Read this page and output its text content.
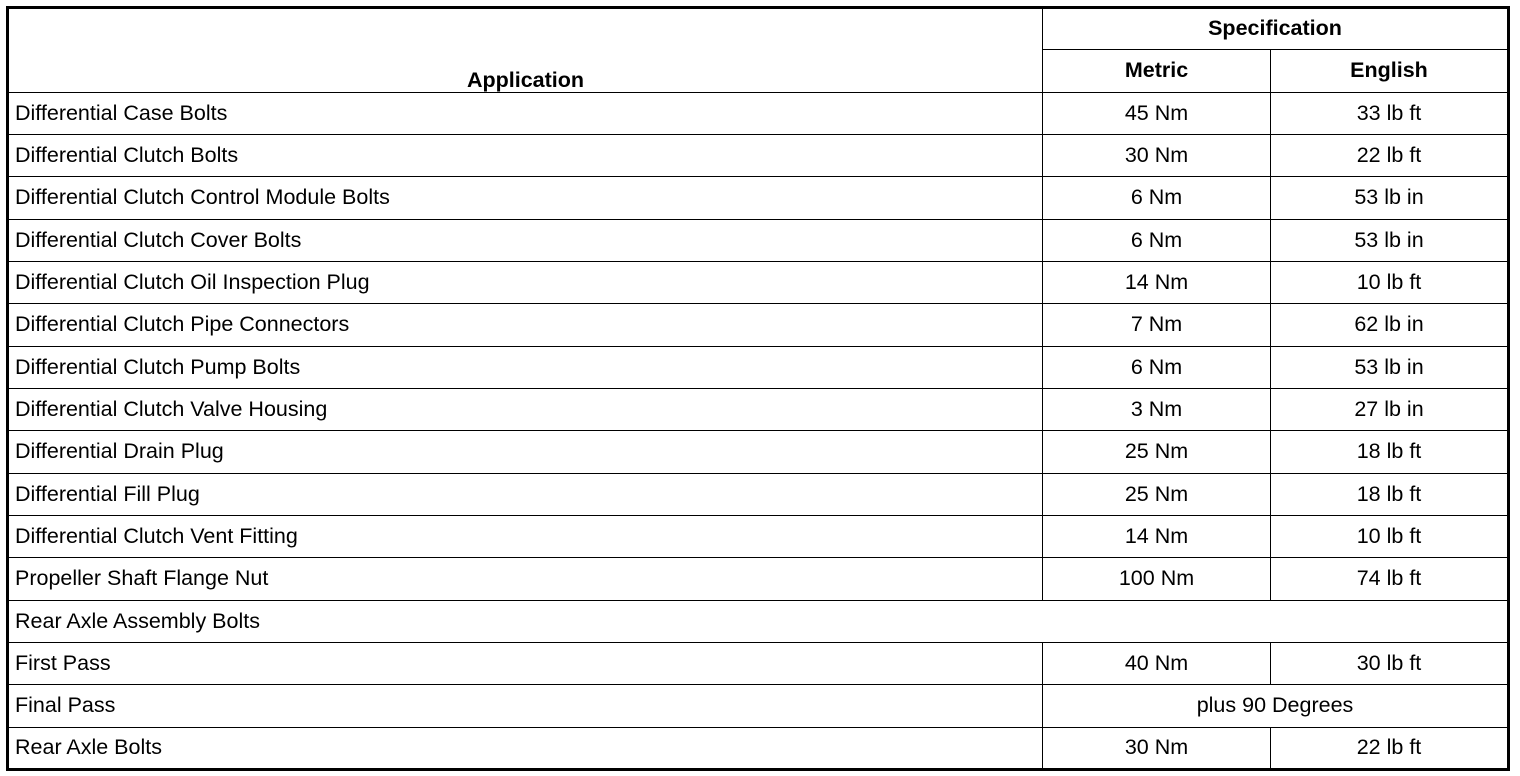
Application	Specification	
	Metric	English
Differential Case Bolts	45 Nm	33 lb ft
Differential Clutch Bolts	30 Nm	22 lb ft
Differential Clutch Control Module Bolts	6 Nm	53 lb in
Differential Clutch Cover Bolts	6 Nm	53 lb in
Differential Clutch Oil Inspection Plug	14 Nm	10 lb ft
Differential Clutch Pipe Connectors	7 Nm	62 lb in
Differential Clutch Pump Bolts	6 Nm	53 lb in
Differential Clutch Valve Housing	3 Nm	27 lb in
Differential Drain Plug	25 Nm	18 lb ft
Differential Fill Plug	25 Nm	18 lb ft
Differential Clutch Vent Fitting	14 Nm	10 lb ft
Propeller Shaft Flange Nut	100 Nm	74 lb ft
Rear Axle Assembly Bolts		
First Pass	40 Nm	30 lb ft
Final Pass	plus 90 Degrees	
Rear Axle Bolts	30 Nm	22 lb ft
